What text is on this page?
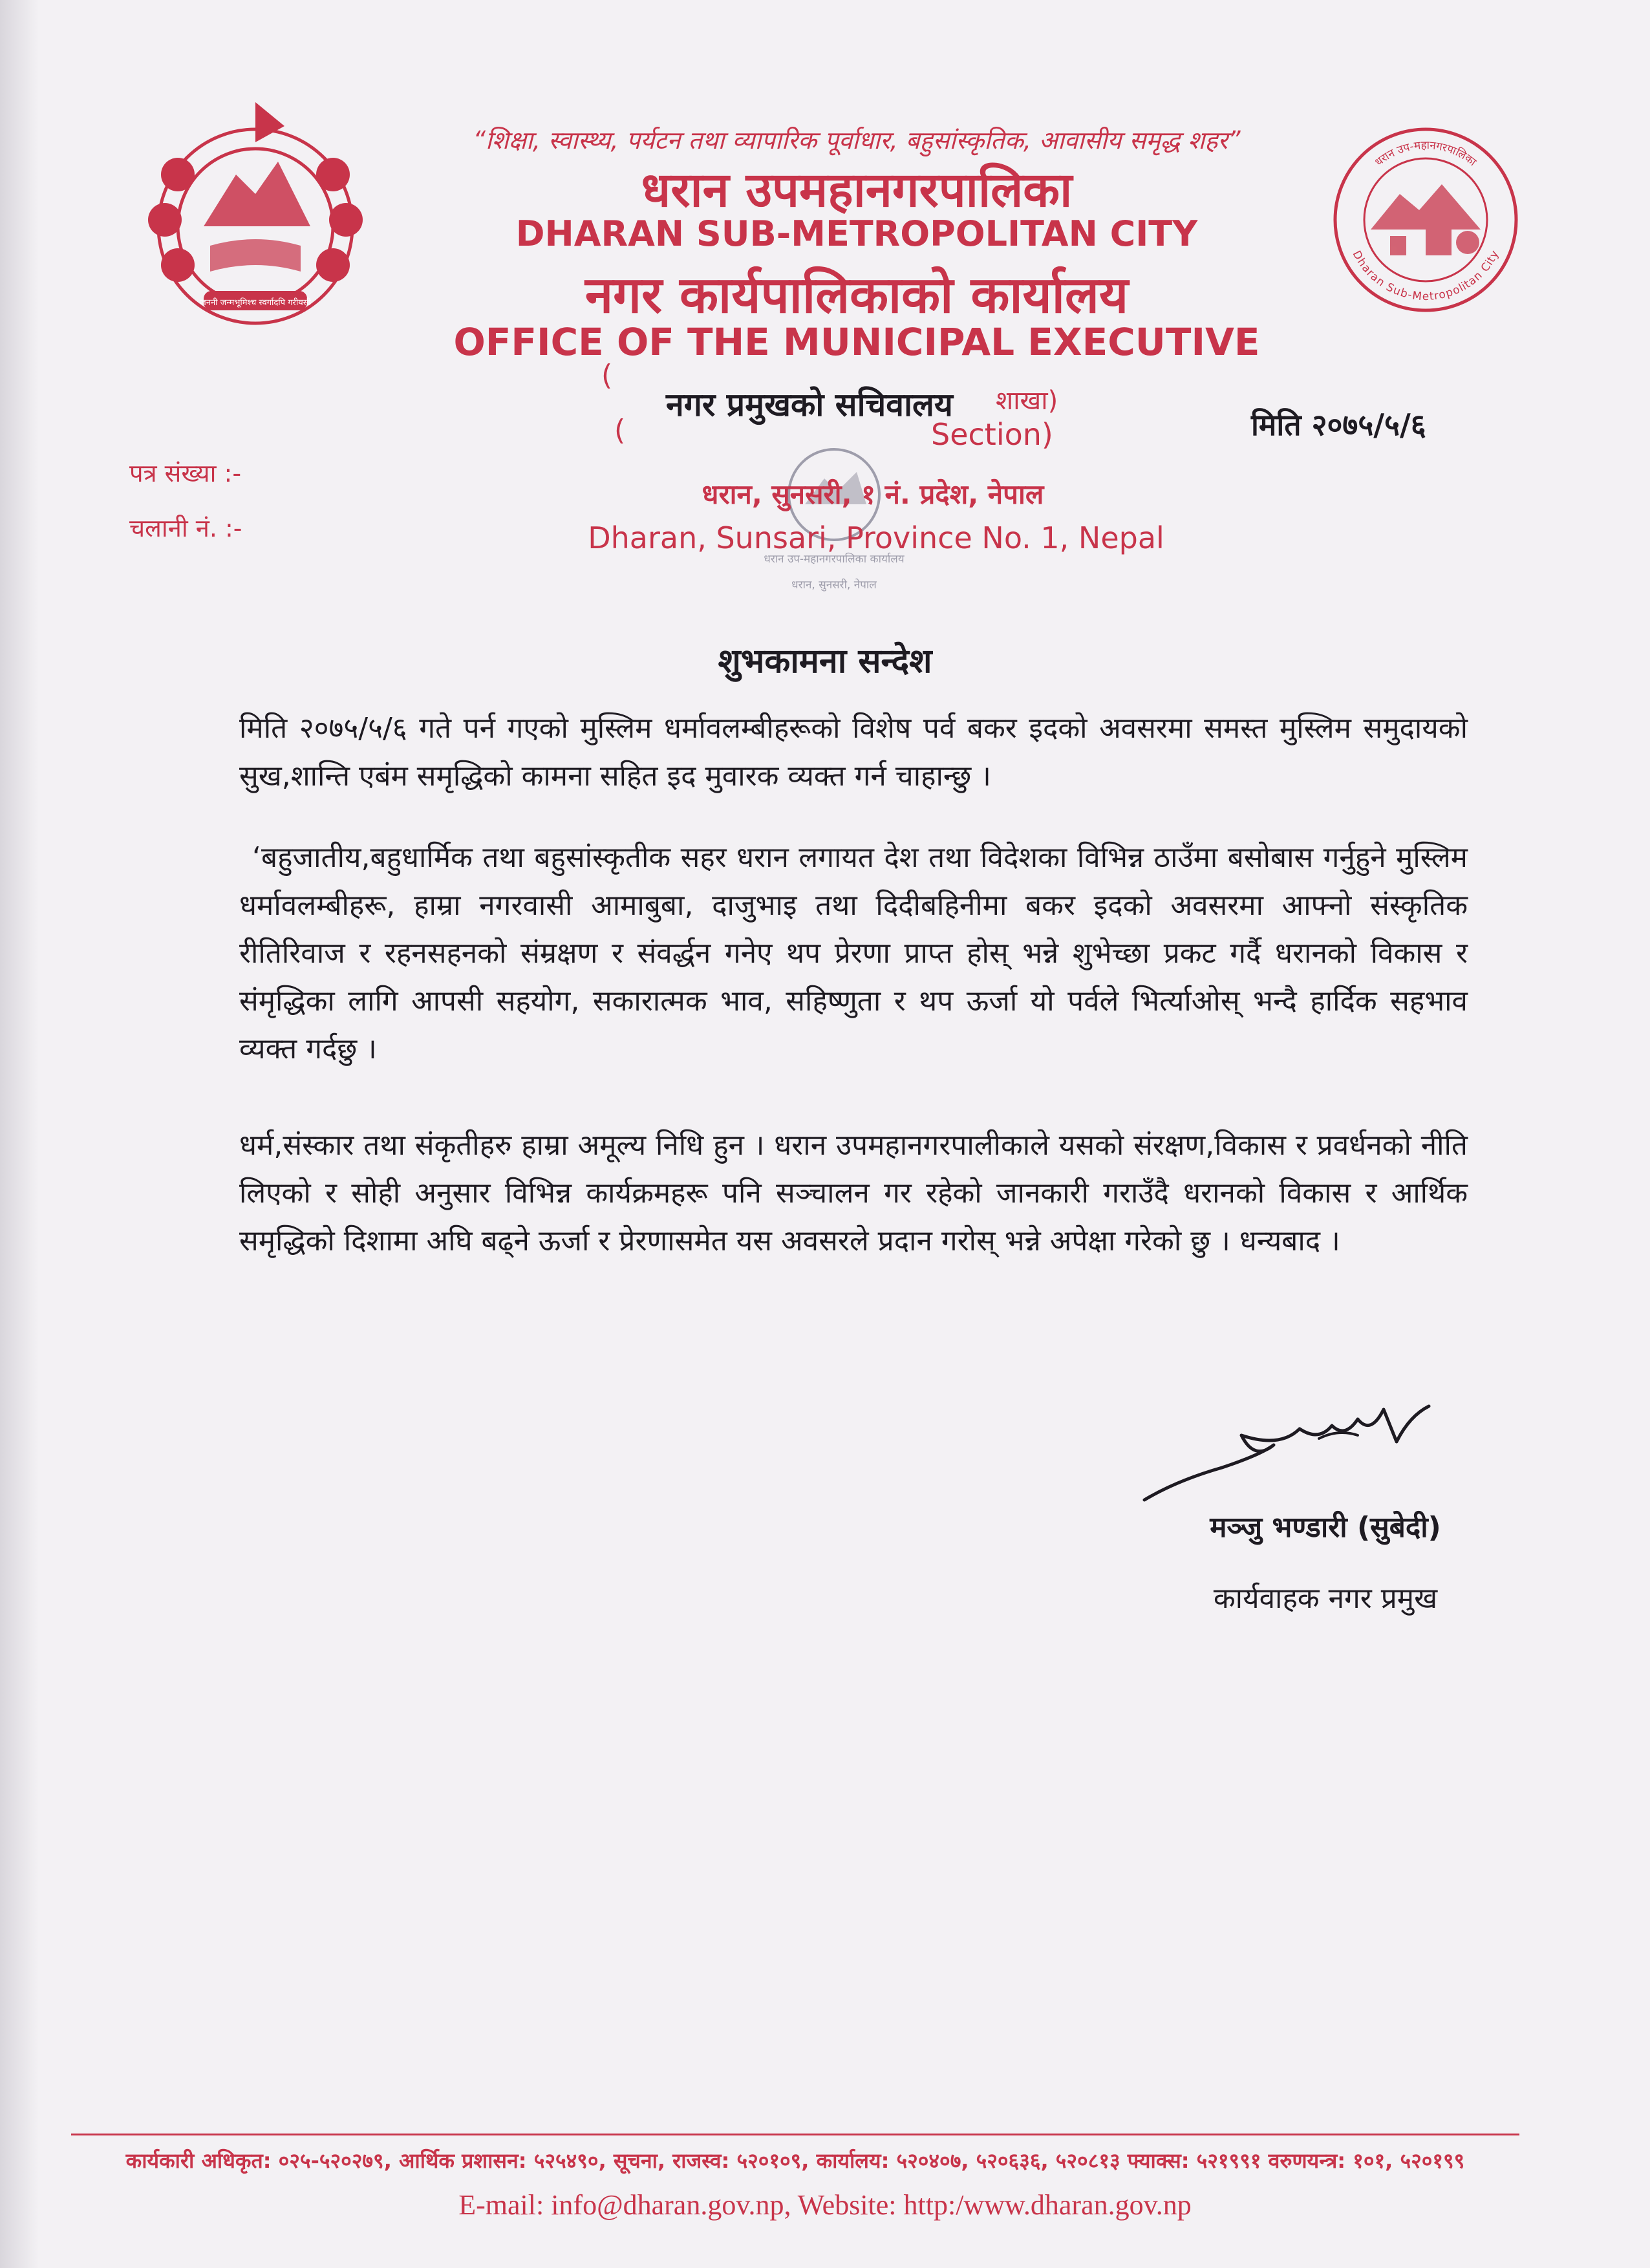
जननी जन्मभूमिश्च स्वर्गादपि गरीयसी
धरान उप-महानगरपालिका
Dharan Sub-Metropolitan City
धरान उप-महानगरपालिका कार्यालय
धरान, सुनसरी, नेपाल
“शिक्षा, स्वास्थ्य, पर्यटन तथा व्यापारिक पूर्वाधार, बहुसांस्कृतिक, आवासीय समृद्ध शहर”
धरान उपमहानगरपालिका
DHARAN SUB-METROPOLITAN CITY
नगर कार्यपालिकाको कार्यालय
OFFICE OF THE MUNICIPAL EXECUTIVE
(
शाखा)
नगर प्रमुखको सचिवालय
(	Section)	मिति २०७५/५/६
पत्र संख्या :-
चलानी नं. :-
धरान, सुनसरी, १ नं. प्रदेश, नेपाल
Dharan, Sunsari, Province No. 1, Nepal
शुभकामना सन्देश
मिति २०७५/५/६ गते पर्न गएको मुस्लिम धर्मावलम्बीहरूको विशेष पर्व बकर इदको अवसरमा समस्त मुस्लिम समुदायको सुख,शान्ति एबंम समृद्धिको कामना सहित इद मुवारक व्यक्त गर्न चाहान्छु ।
‘बहुजातीय,बहुधार्मिक तथा बहुसांस्कृतीक सहर धरान लगायत देश तथा विदेशका विभिन्न ठाउँमा बसोबास गर्नुहुने मुस्लिम धर्मावलम्बीहरू, हाम्रा नगरवासी आमाबुबा, दाजुभाइ तथा दिदीबहिनीमा बकर इदको अवसरमा आफ्नो संस्कृतिक रीतिरिवाज र रहनसहनको संम्रक्षण र संवर्द्धन गनेए थप प्रेरणा प्राप्त होस् भन्ने शुभेच्छा प्रकट गर्दै धरानको विकास र संमृद्धिका लागि आपसी सहयोग, सकारात्मक भाव, सहिष्णुता र थप ऊर्जा यो पर्वले भिर्त्याओस् भन्दै हार्दिक सहभाव व्यक्त गर्दछु ।
धर्म,संस्कार तथा संकृतीहरु हाम्रा अमूल्य निधि हुन । धरान उपमहानगरपालीकाले यसको संरक्षण,विकास र प्रवर्धनको नीति लिएको र सोही अनुसार विभिन्न कार्यक्रमहरू पनि सञ्चालन गर रहेको जानकारी गराउँदै धरानको विकास र आर्थिक समृद्धिको दिशामा अघि बढ्ने ऊर्जा र प्रेरणासमेत यस अवसरले प्रदान गरोस् भन्ने अपेक्षा गरेको छु । धन्यबाद ।
मञ्जु भण्डारी (सुबेदी)
कार्यवाहक नगर प्रमुख
कार्यकारी अधिकृत: ०२५-५२०२७९, आर्थिक प्रशासन: ५२५४९०, सूचना, राजस्व: ५२०१०९, कार्यालय: ५२०४०७, ५२०६३६, ५२०८१३ फ्याक्स: ५२१९९१ वरुणयन्त्र: १०१, ५२०१९९
E-mail: info@dharan.gov.np, Website: http:/www.dharan.gov.np
